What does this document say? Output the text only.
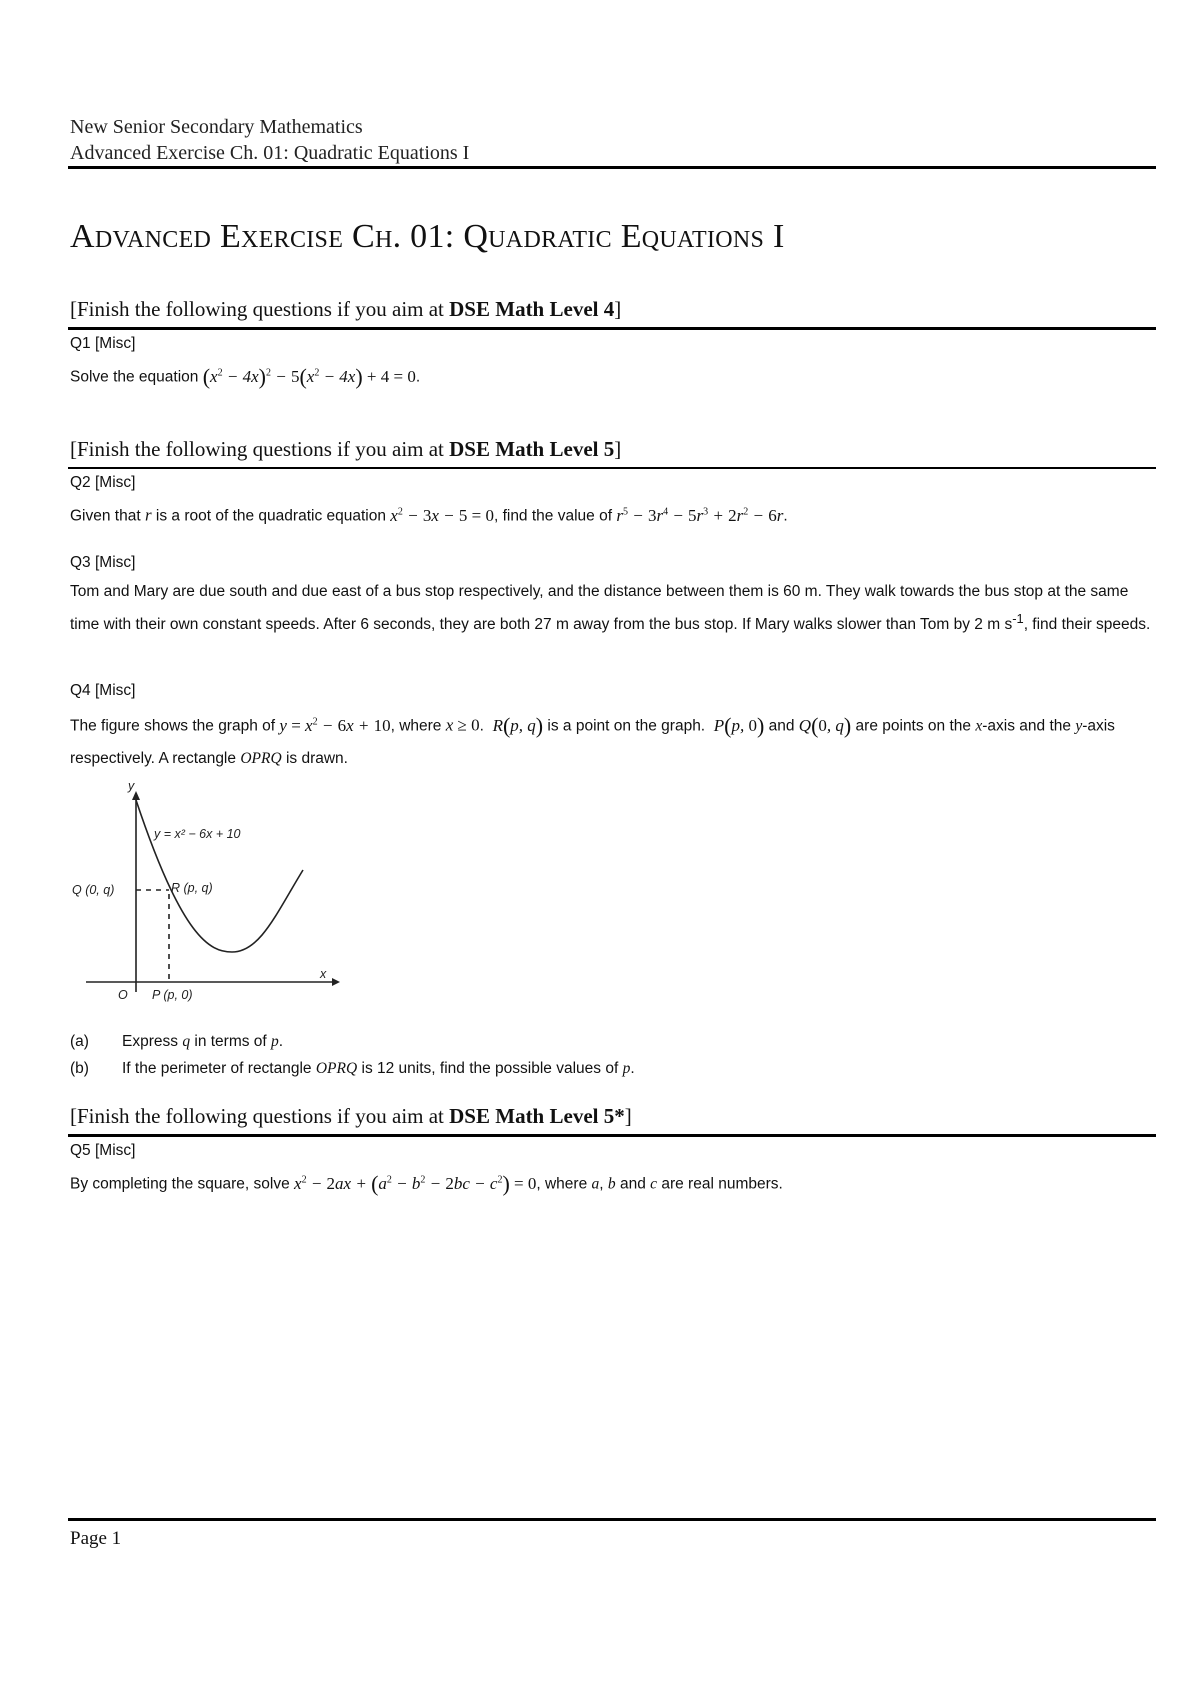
New Senior Secondary Mathematics
Advanced Exercise Ch. 01: Quadratic Equations I
Advanced Exercise Ch. 01: Quadratic Equations I
[Finish the following questions if you aim at DSE Math Level 4]
Q1 [Misc]

Solve the equation $(x^2 - 4x)^2 - 5(x^2 - 4x) + 4 = 0$.

[Finish the following questions if you aim at DSE Math Level 5]
Q2 [Misc]

Given that r is a root of the quadratic equation $x^2 - 3x - 5 = 0$, find the value of $r^5 - 3r^4 - 5r^3 + 2r^2 - 6r$.

Q3 [Misc]

Tom and Mary are due south and due east of a bus stop respectively, and the distance between them is 60 m. They walk towards the bus stop at the same time with their own constant speeds. After 6 seconds, they are both 27 m away from the bus stop. If Mary walks slower than Tom by 2 m $s^{-1}$, find their speeds.

Q4 [Misc]

The figure shows the graph of $y = x^2 - 6x + 10$, where x ≥ 0.  R(p, q) is a point on the graph. P(p, 0) and Q(0, q) are points on the x-axis and the y-axis respectively. A rectangle OPRQ is drawn.

y
x
y = x² − 6x + 10
Q (0, q)	R (p, q)
P (p, 0)
O
(a)	Express q in terms of p.
(b)	If the perimeter of rectangle OPRQ is 12 units, find the possible values of p.
[Finish the following questions if you aim at DSE Math Level 5*]
Q5 [Misc]

By completing the square, solve $x^2 - 2ax + (a^2 - b^2 - 2bc - c^2) = 0$, where a, b and c are real numbers.

Page 1
